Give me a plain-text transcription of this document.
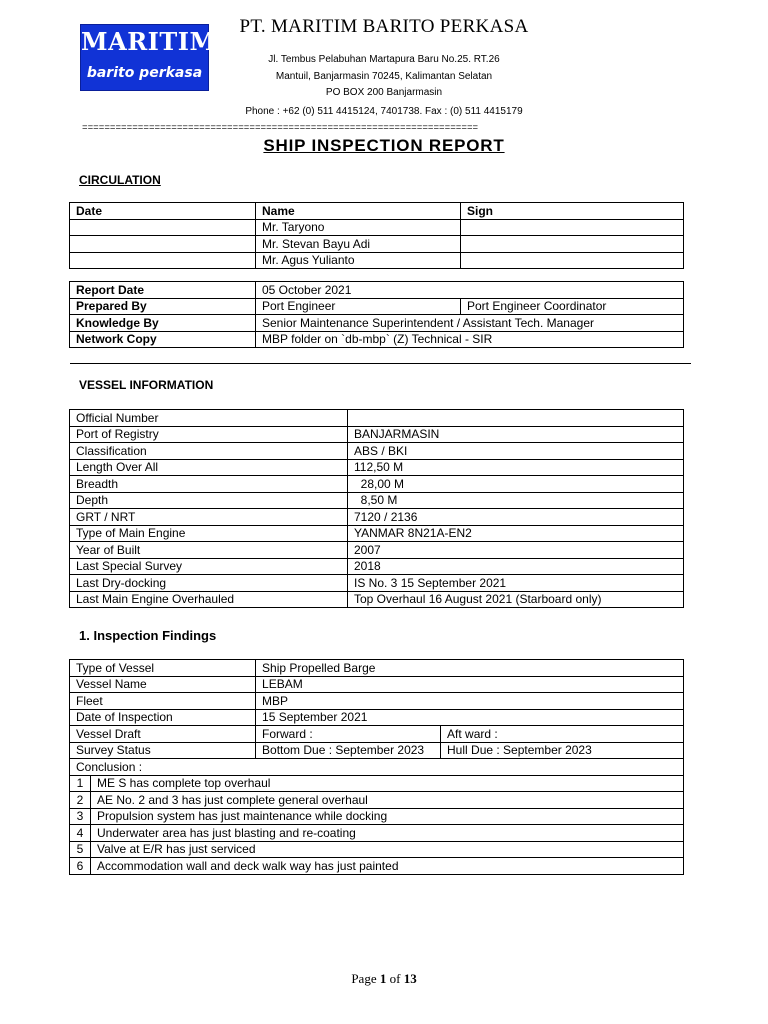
MARITIM
barito perkasa
PT. MARITIM BARITO PERKASA
Jl. Tembus Pelabuhan Martapura Baru No.25. RT.26
Mantuil, Banjarmasin 70245, Kalimantan Selatan
PO BOX 200 Banjarmasin
Phone : +62 (0) 511 4415124, 7401738. Fax : (0) 511 4415179
=======================================================================
SHIP INSPECTION REPORT
CIRCULATION
Date	Name	Sign
	Mr. Taryono	
	Mr. Stevan Bayu Adi	
	Mr. Agus Yulianto	
Report Date	05 October 2021	
Prepared By	Port Engineer	Port Engineer Coordinator
Knowledge By	Senior Maintenance Superintendent / Assistant Tech. Manager	
Network Copy	MBP folder on `db-mbp` (Z) Technical - SIR	
VESSEL INFORMATION
Official Number	
Port of Registry	BANJARMASIN
Classification	ABS / BKI
Length Over All	112,50 M
Breadth	28,00 M
Depth	8,50 M
GRT / NRT	7120 / 2136
Type of Main Engine	YANMAR 8N21A-EN2
Year of Built	2007
Last Special Survey	2018
Last Dry-docking	IS No. 3 15 September 2021
Last Main Engine Overhauled	Top Overhaul 16 August 2021 (Starboard only)
1. Inspection Findings
Type of Vessel		Ship Propelled Barge	
Vessel Name		LEBAM	
Fleet		MBP	
Date of Inspection		15 September 2021	
Vessel Draft		Forward :	Aft ward :
Survey Status		Bottom Due : September 2023	Hull Due : September 2023
Conclusion :			
1	ME S has complete top overhaul		
2	AE No. 2 and 3 has just complete general overhaul		
3	Propulsion system has just maintenance while docking		
4	Underwater area has just blasting and re-coating		
5	Valve at E/R has just serviced		
6	Accommodation wall and deck walk way has just painted		
Page 1 of 13
